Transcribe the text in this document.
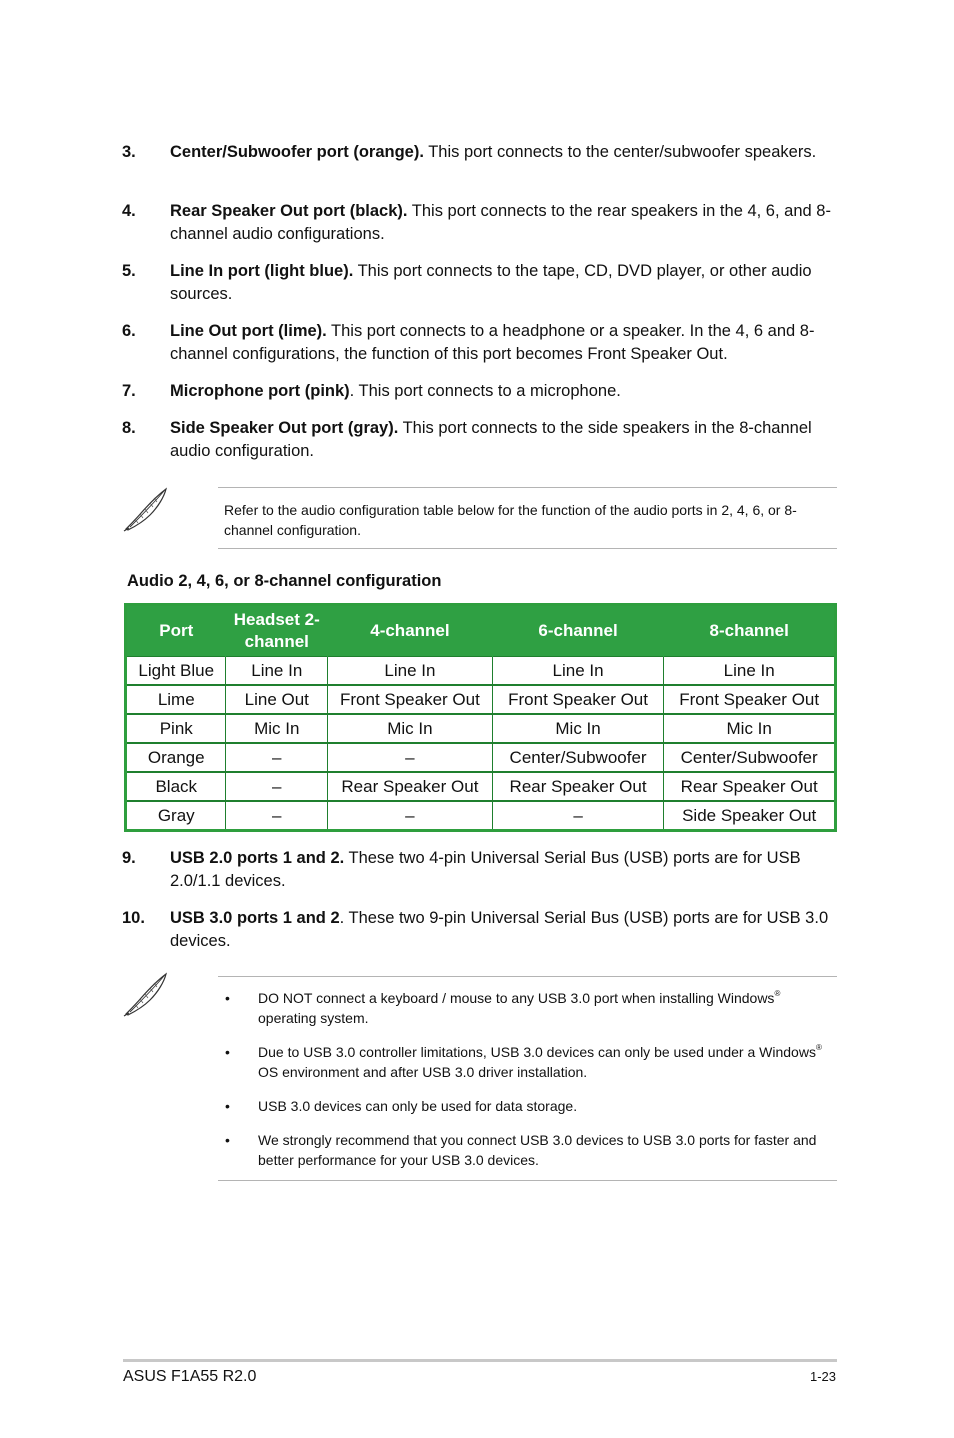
3. Center/Subwoofer port (orange). This port connects to the center/subwoofer speakers.
4. Rear Speaker Out port (black). This port connects to the rear speakers in the 4, 6, and 8-channel audio configurations.
5. Line In port (light blue). This port connects to the tape, CD, DVD player, or other audio sources.
6. Line Out port (lime). This port connects to a headphone or a speaker. In the 4, 6 and 8-channel configurations, the function of this port becomes Front Speaker Out.
7. Microphone port (pink). This port connects to a microphone.
8. Side Speaker Out port (gray). This port connects to the side speakers in the 8-channel audio configuration.
Refer to the audio configuration table below for the function of the audio ports in 2, 4, 6, or 8-channel configuration.
Audio 2, 4, 6, or 8-channel configuration
Port	Headset 2-channel	4-channel	6-channel	8-channel
Light Blue	Line In	Line In	Line In	Line In
Lime	Line Out	Front Speaker Out	Front Speaker Out	Front Speaker Out
Pink	Mic In	Mic In	Mic In	Mic In
Orange	–	–	Center/Subwoofer	Center/Subwoofer
Black	–	Rear Speaker Out	Rear Speaker Out	Rear Speaker Out
Gray	–	–	–	Side Speaker Out
9. USB 2.0 ports 1 and 2. These two 4-pin Universal Serial Bus (USB) ports are for USB 2.0/1.1 devices.
10. USB 3.0 ports 1 and 2. These two 9-pin Universal Serial Bus (USB) ports are for USB 3.0 devices.
• DO NOT connect a keyboard / mouse to any USB 3.0 port when installing Windows® operating system.
• Due to USB 3.0 controller limitations, USB 3.0 devices can only be used under a Windows® OS environment and after USB 3.0 driver installation.
• USB 3.0 devices can only be used for data storage.
• We strongly recommend that you connect USB 3.0 devices to USB 3.0 ports for faster and better performance for your USB 3.0 devices.
ASUS F1A55 R2.0	1-23
